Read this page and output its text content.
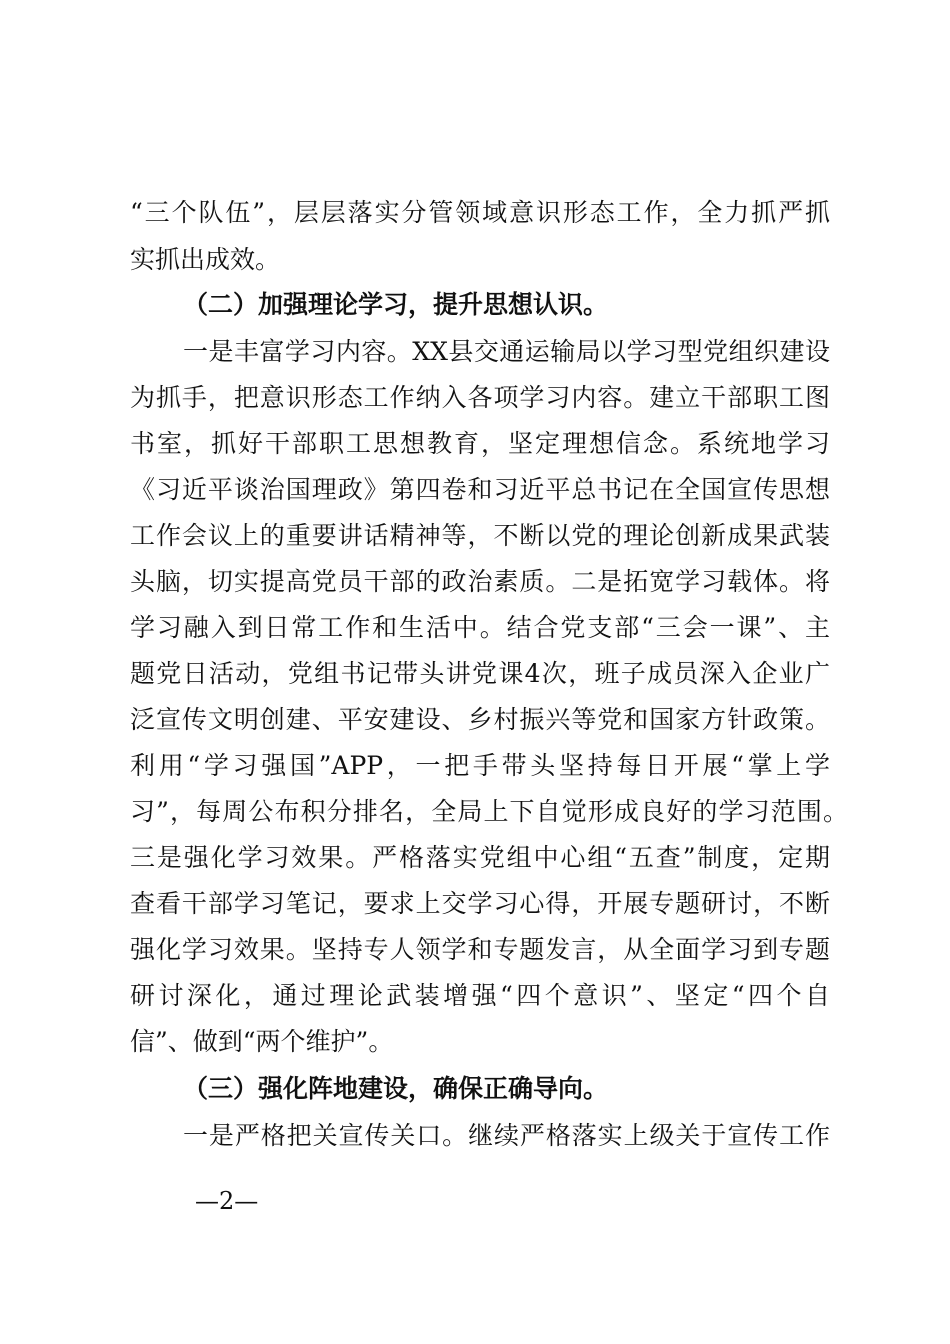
“三个队伍”，层层落实分管领域意识形态工作，全力抓严抓
实抓出成效。
（二）加强理论学习，提升思想认识。
一是丰富学习内容。XX县交通运输局以学习型党组织建设
为抓手，把意识形态工作纳入各项学习内容。建立干部职工图
书室，抓好干部职工思想教育，坚定理想信念。系统地学习
《习近平谈治国理政》第四卷和习近平总书记在全国宣传思想
工作会议上的重要讲话精神等，不断以党的理论创新成果武装
头脑，切实提高党员干部的政治素质。二是拓宽学习载体。将
学习融入到日常工作和生活中。结合党支部“三会一课”、主
题党日活动，党组书记带头讲党课4次，班子成员深入企业广
泛宣传文明创建、平安建设、乡村振兴等党和国家方针政策。
利用“学习强国”APP，一把手带头坚持每日开展“掌上学
习”，每周公布积分排名，全局上下自觉形成良好的学习范围。
三是强化学习效果。严格落实党组中心组“五查”制度，定期
查看干部学习笔记，要求上交学习心得，开展专题研讨，不断
强化学习效果。坚持专人领学和专题发言，从全面学习到专题
研讨深化，通过理论武装增强“四个意识”、坚定“四个自
信”、做到“两个维护”。
（三）强化阵地建设，确保正确导向。
一是严格把关宣传关口。继续严格落实上级关于宣传工作
—2—
